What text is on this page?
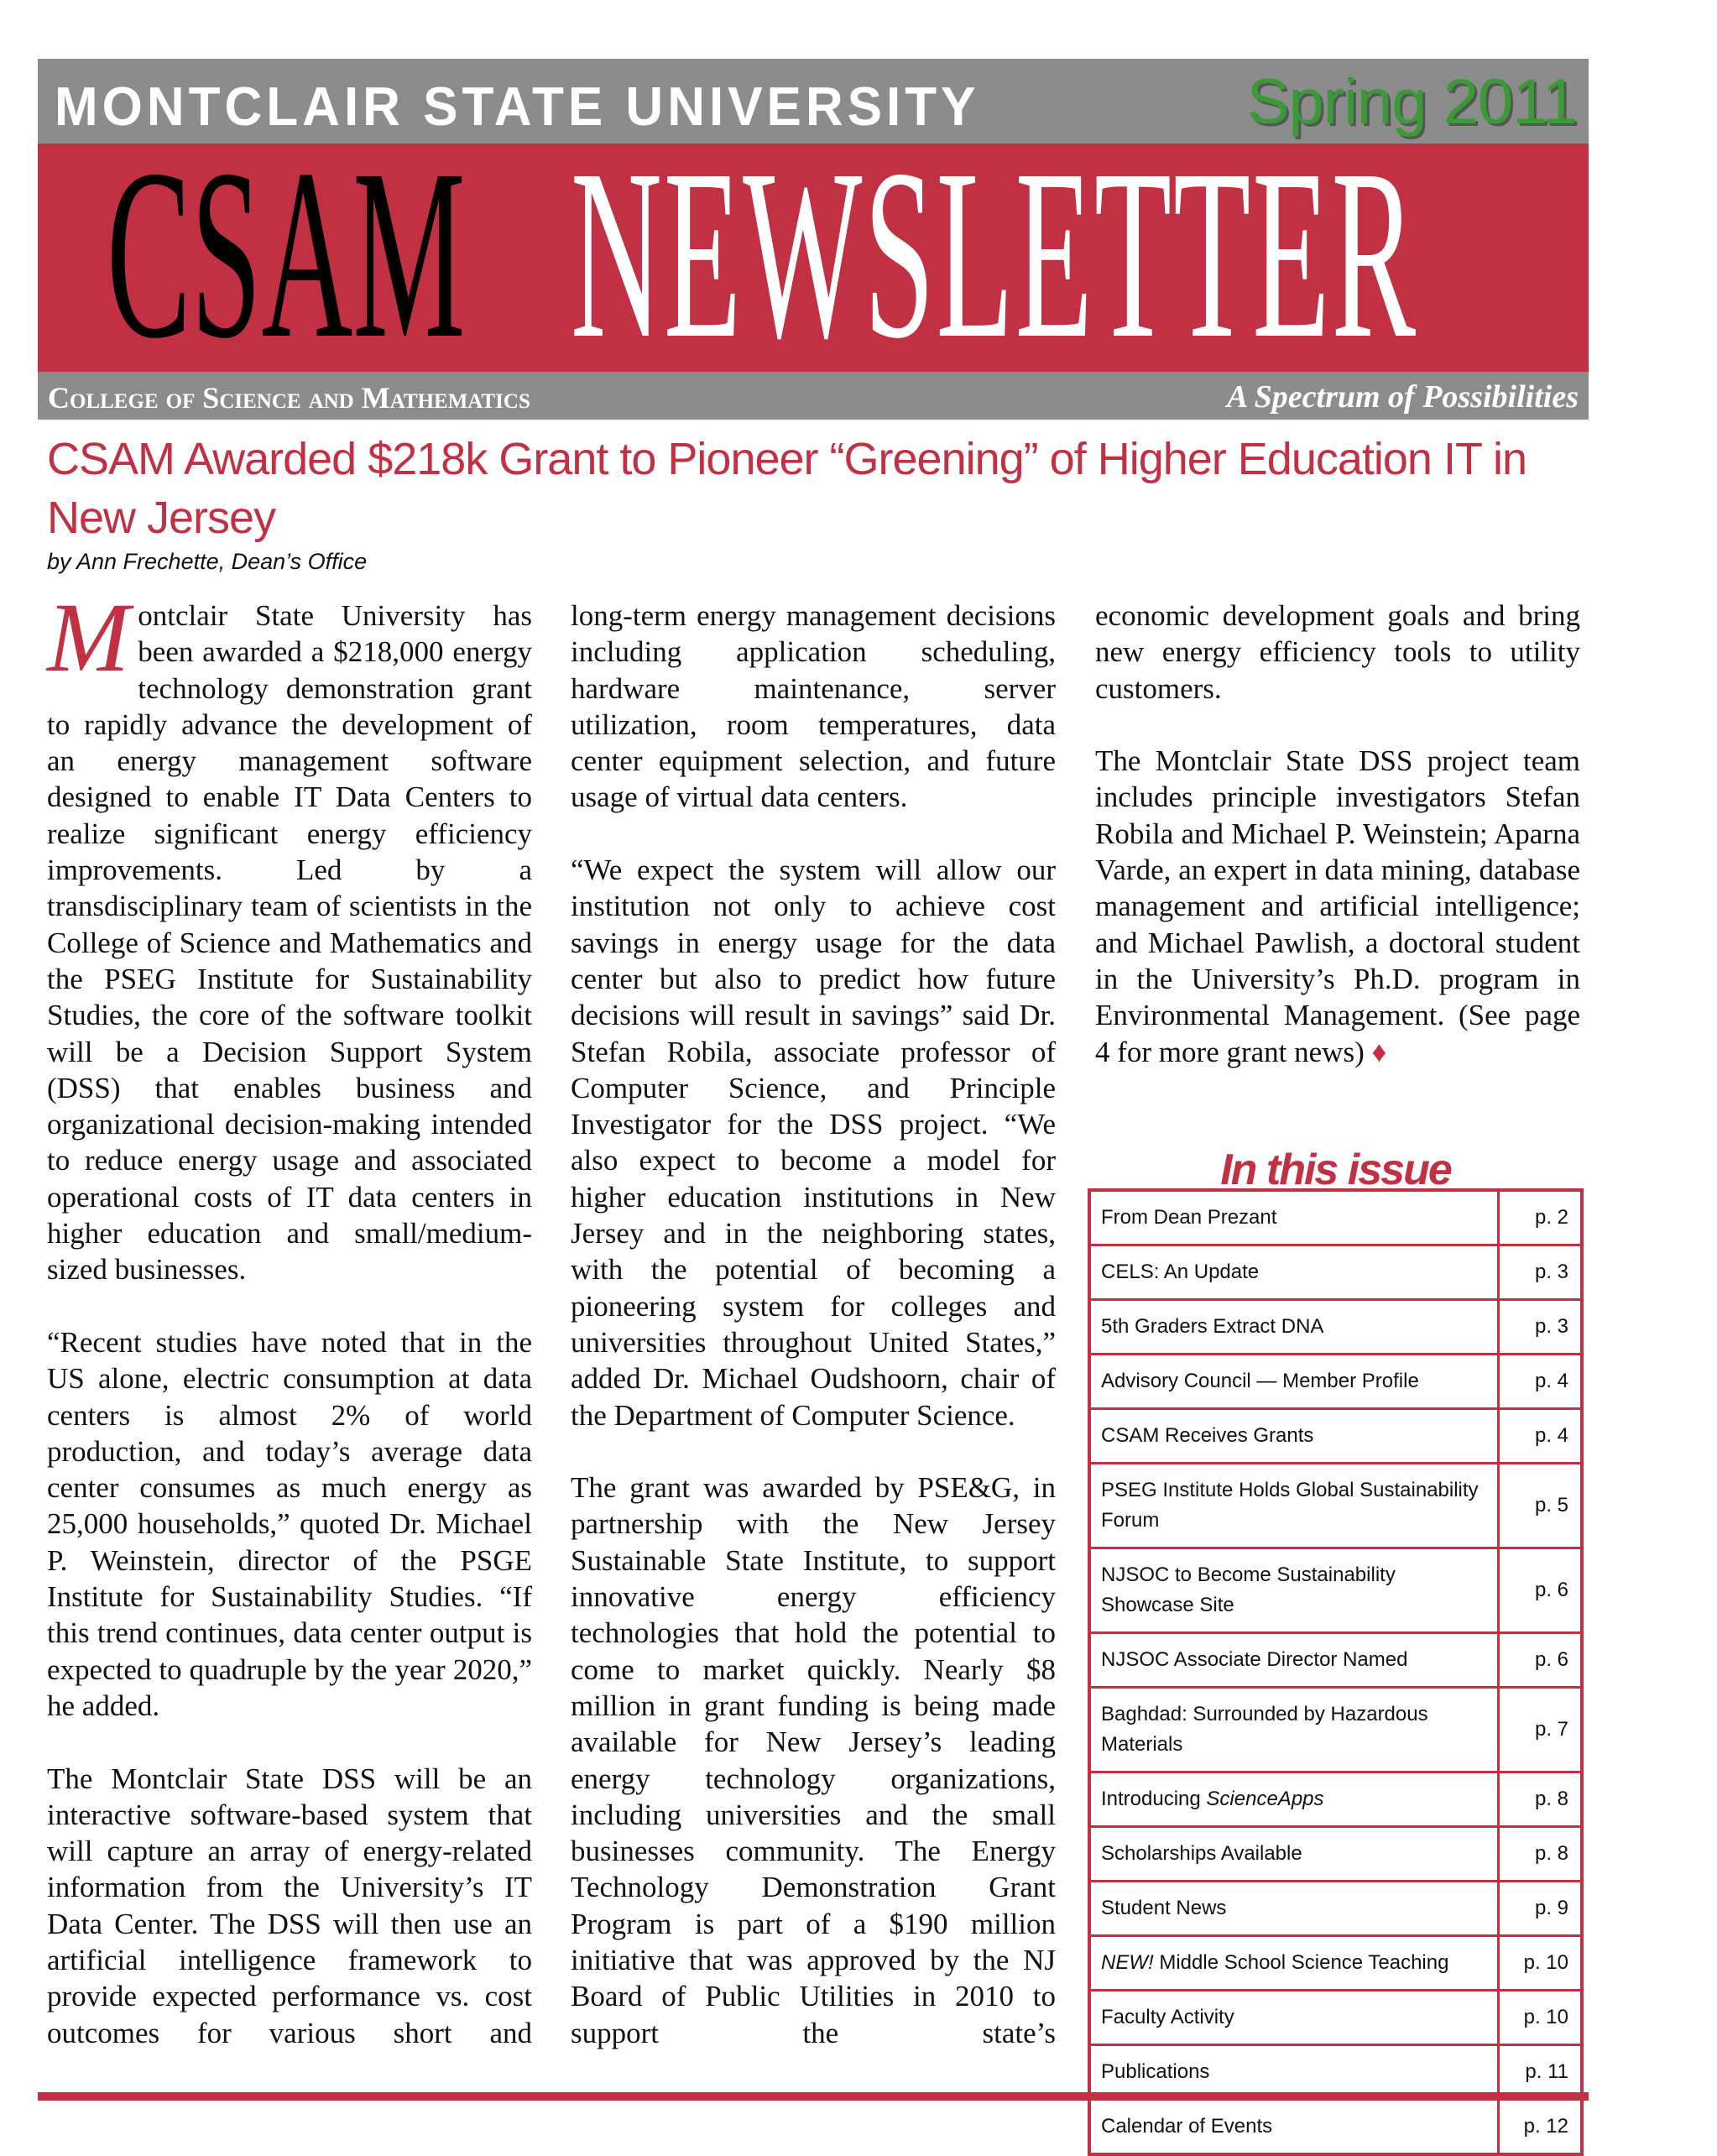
MONTCLAIR STATE UNIVERSITY	Spring 2011
CSAM NEWSLETTER
College of Science and Mathematics	A Spectrum of Possibilities
CSAM Awarded $218k Grant to Pioneer “Greening” of Higher Education IT in New Jersey
by Ann Frechette, Dean’s Office

Montclair State University has been awarded a $218,000 energy technology demonstration grant to rapidly advance the development of an energy management software designed to enable IT Data Centers to realize significant energy efficiency improvements. Led by a transdisciplinary team of scientists in the College of Science and Mathematics and the PSEG Institute for Sustainability Studies, the core of the software toolkit will be a Decision Support System (DSS) that enables business and organizational decision-making intended to reduce energy usage and associated operational costs of IT data centers in higher education and small/medium-sized businesses.

“Recent studies have noted that in the US alone, electric consumption at data centers is almost 2% of world production, and today’s average data center consumes as much energy as 25,000 households,” quoted Dr. Michael P. Weinstein, director of the PSGE Institute for Sustainability Studies. “If this trend continues, data center output is expected to quadruple by the year 2020,” he added.

The Montclair State DSS will be an interactive software-based system that will capture an array of energy-related information from the University’s IT Data Center. The DSS will then use an artificial intelligence framework to provide expected performance vs. cost outcomes for various short and

long-term energy management decisions including application scheduling, hardware maintenance, server utilization, room temperatures, data center equipment selection, and future usage of virtual data centers.

“We expect the system will allow our institution not only to achieve cost savings in energy usage for the data center but also to predict how future decisions will result in savings” said Dr. Stefan Robila, associate professor of Computer Science, and Principle Investigator for the DSS project. “We also expect to become a model for higher education institutions in New Jersey and in the neighboring states, with the potential of becoming a pioneering system for colleges and universities throughout United States,” added Dr. Michael Oudshoorn, chair of the Department of Computer Science.

The grant was awarded by PSE&G, in partnership with the New Jersey Sustainable State Institute, to support innovative energy efficiency technologies that hold the potential to come to market quickly. Nearly $8 million in grant funding is being made available for New Jersey’s leading energy technology organizations, including universities and the small businesses community. The Energy Technology Demonstration Grant Program is part of a $190 million initiative that was approved by the NJ Board of Public Utilities in 2010 to support the state’s

economic development goals and bring new energy efficiency tools to utility customers.

The Montclair State DSS project team includes principle investigators Stefan Robila and Michael P. Weinstein; Aparna Varde, an expert in data mining, database management and artificial intelligence; and Michael Pawlish, a doctoral student in the University’s Ph.D. program in Environmental Management. (See page 4 for more grant news) ♦

In this issue
From Dean Prezant	p. 2
CELS: An Update	p. 3
5th Graders Extract DNA	p. 3
Advisory Council — Member Profile	p. 4
CSAM Receives Grants	p. 4
PSEG Institute Holds Global Sustainability Forum	p. 5
NJSOC to Become Sustainability Showcase Site	p. 6
NJSOC Associate Director Named	p. 6
Baghdad: Surrounded by Hazardous Materials	p. 7
Introducing ScienceApps	p. 8
Scholarships Available	p. 8
Student News	p. 9
NEW! Middle School Science Teaching	p. 10
Faculty Activity	p. 10
Publications	p. 11
Calendar of Events	p. 12
